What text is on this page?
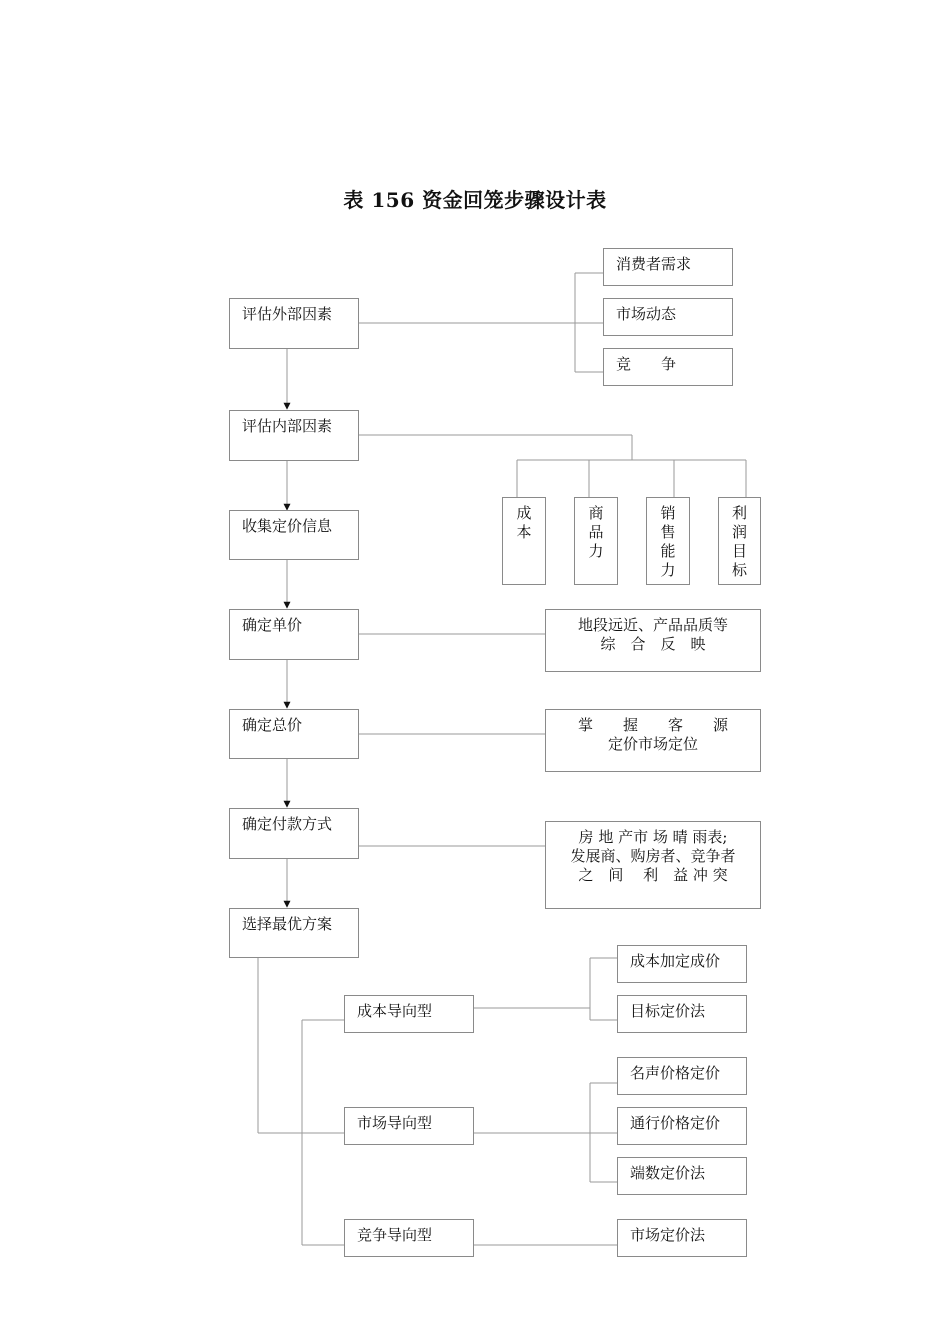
表 156 资金回笼步骤设计表
评估外部因素
评估内部因素
收集定价信息
确定单价
确定总价
确定付款方式
选择最优方案
消费者需求
市场动态
竞　　争
成本
商品力
销售能力
利润目标
地段远近、产品品质等
综　合　反　映
掌　　握　　客　　源
定价市场定位
房 地 产市 场 晴 雨表;
发展商、购房者、竞争者
之　间　 利　益 冲 突
成本导向型
市场导向型
竞争导向型
成本加定成价
目标定价法
名声价格定价
通行价格定价
端数定价法
市场定价法
